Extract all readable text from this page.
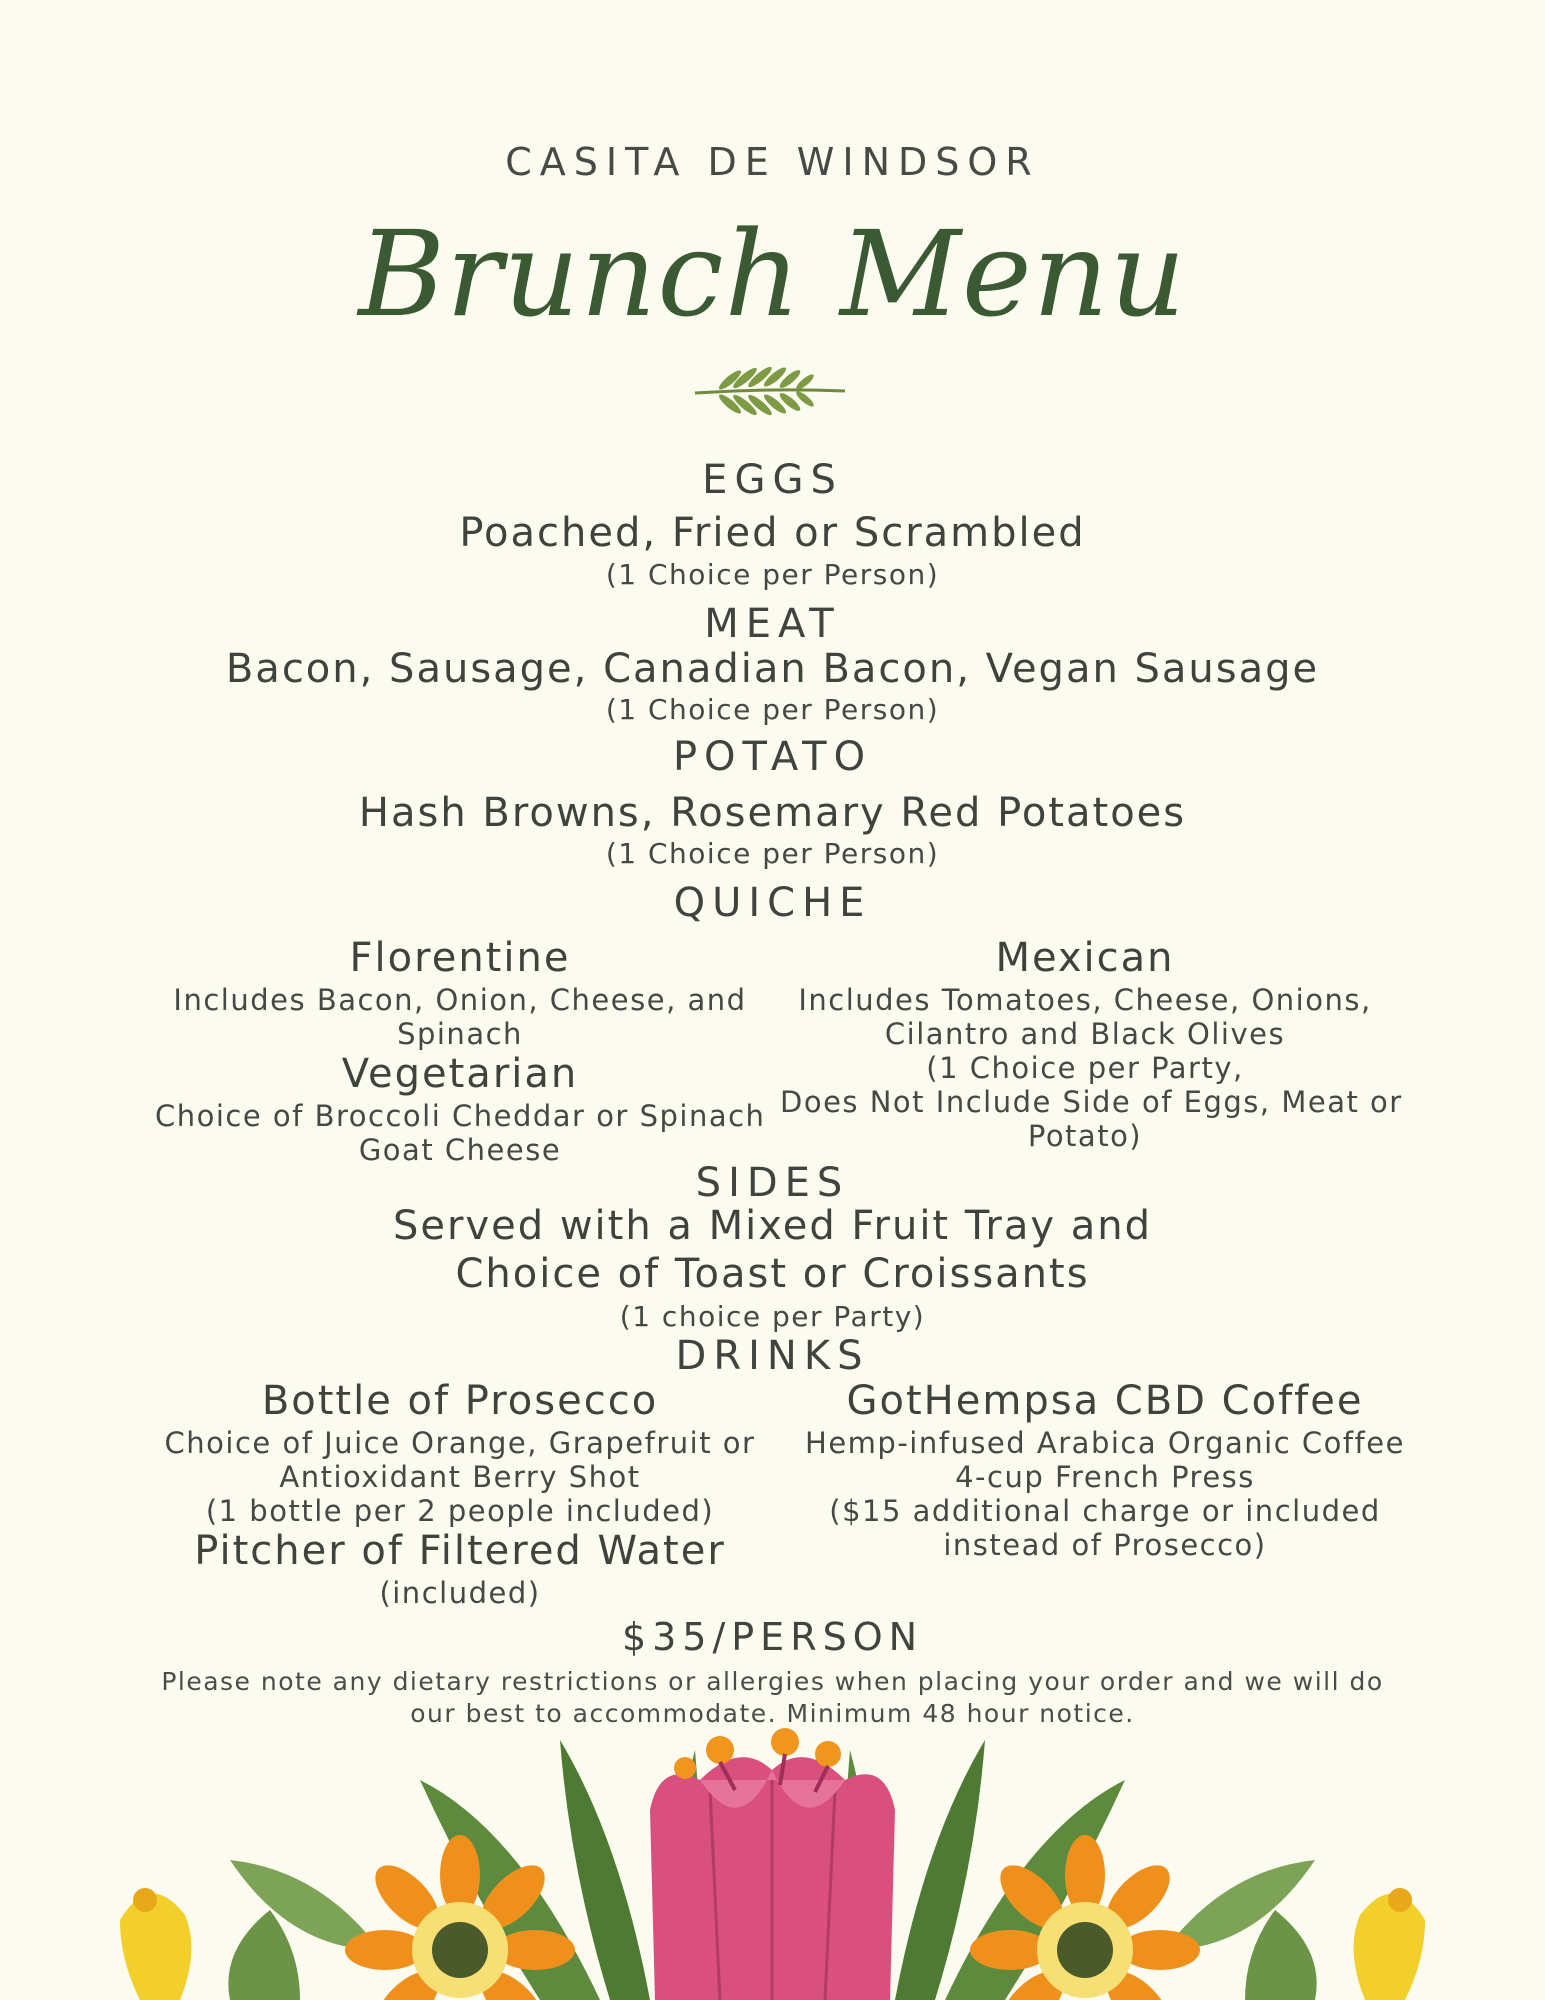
CASITA DE WINDSOR
Brunch Menu
EGGS
Poached, Fried or Scrambled
(1 Choice per Person)
MEAT
Bacon, Sausage, Canadian Bacon, Vegan Sausage
(1 Choice per Person)
POTATO
Hash Browns, Rosemary Red Potatoes
(1 Choice per Person)
QUICHE
Florentine
Includes Bacon, Onion, Cheese, and
Spinach
Vegetarian
Choice of Broccoli Cheddar or Spinach
Goat Cheese
Mexican
Includes Tomatoes, Cheese, Onions,
Cilantro and Black Olives
(1 Choice per Party,
Does Not Include Side of Eggs, Meat or
Potato)
SIDES
Served with a Mixed Fruit Tray and
Choice of Toast or Croissants
(1 choice per Party)
DRINKS
Bottle of Prosecco
Choice of Juice Orange, Grapefruit or
Antioxidant Berry Shot
(1 bottle per 2 people included)
Pitcher of Filtered Water
(included)
GotHempsa CBD Coffee
Hemp-infused Arabica Organic Coffee
4-cup French Press
($15 additional charge or included
instead of Prosecco)
$35/PERSON
Please note any dietary restrictions or allergies when placing your order and we will do
our best to accommodate. Minimum 48 hour notice.
